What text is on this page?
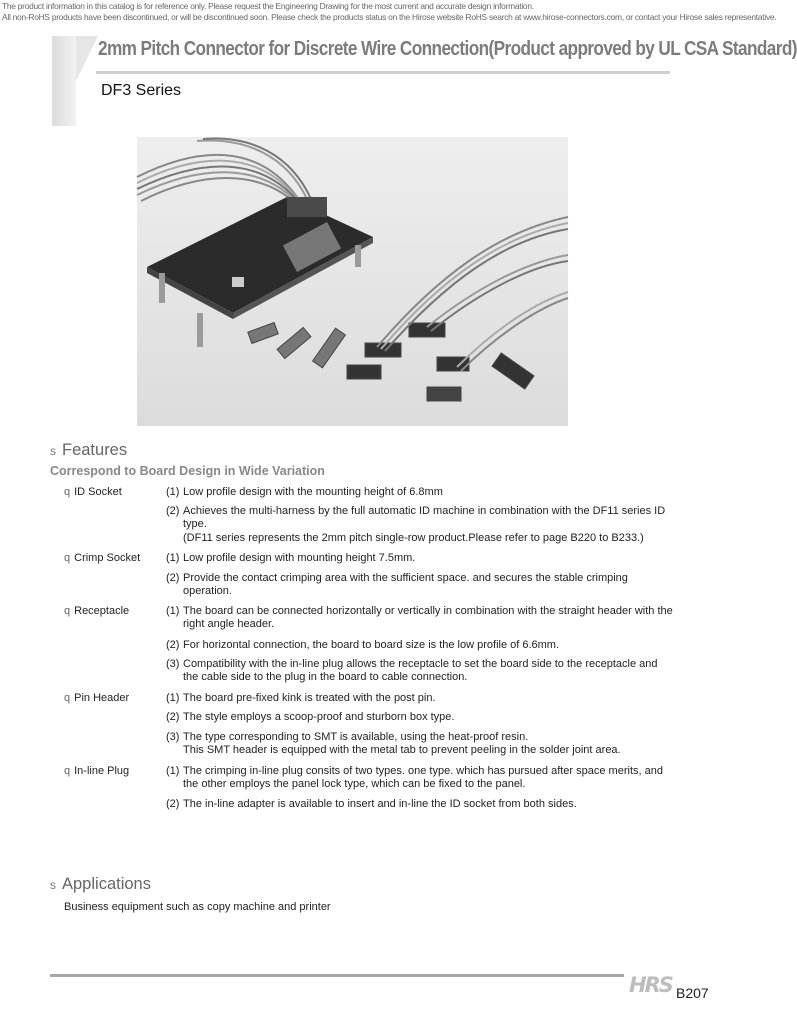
The product information in this catalog is for reference only. Please request the Engineering Drawing for the most current and accurate design information.
All non-RoHS products have been discontinued, or will be discontinued soon. Please check the products status on the Hirose website RoHS search at www.hirose-connectors.com, or contact your Hirose sales representative.
2mm Pitch Connector for Discrete Wire Connection(Product approved by UL CSA Standard)
DF3 Series
s Features
Correspond to Board Design in Wide Variation
q ID Socket	(1) Low profile design with the mounting height of 6.8mm
(2) Achieves the multi-harness by the full automatic ID machine in combination with the DF11 series ID
type.
(DF11 series represents the 2mm pitch single-row product.Please refer to page B220 to B233.)
q Crimp Socket (1) Low profile design with mounting height 7.5mm.
(2) Provide the contact crimping area with the sufficient space. and secures the stable crimping
operation.
q Receptacle	(1) The board can be connected horizontally or vertically in combination with the straight header with the
right angle header.
(2) For horizontal connection, the board to board size is the low profile of 6.6mm.
(3) Compatibility with the in-line plug allows the receptacle to set the board side to the receptacle and
the cable side to the plug in the board to cable connection.
q Pin Header	(1) The board pre-fixed kink is treated with the post pin.
(2) The style employs a scoop-proof and sturborn box type.
(3) The type corresponding to SMT is available, using the heat-proof resin.
This SMT header is equipped with the metal tab to prevent peeling in the solder joint area.
q In-line Plug	(1) The crimping in-line plug consits of two types. one type. which has pursued after space merits, and
the other employs the panel lock type, which can be fixed to the panel.
(2) The in-line adapter is available to insert and in-line the ID socket from both sides.
s Applications
Business equipment such as copy machine and printer
HRS B207
